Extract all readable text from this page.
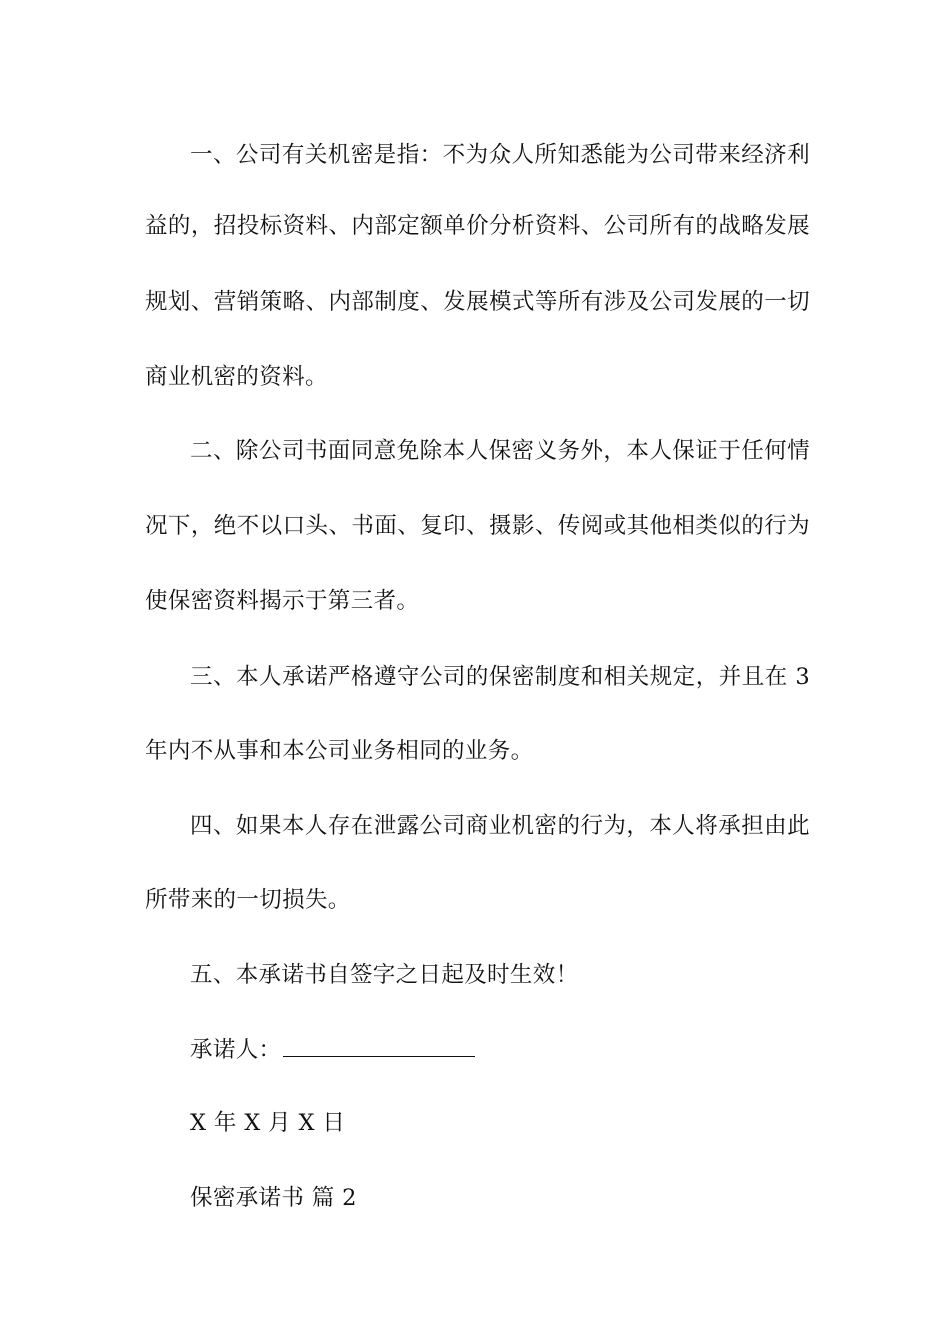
一、公司有关机密是指：不为众人所知悉能为公司带来经济利
益的，招投标资料、内部定额单价分析资料、公司所有的战略发展
规划、营销策略、内部制度、发展模式等所有涉及公司发展的一切
商业机密的资料。
二、除公司书面同意免除本人保密义务外，本人保证于任何情
况下，绝不以口头、书面、复印、摄影、传阅或其他相类似的行为
使保密资料揭示于第三者。
三、本人承诺严格遵守公司的保密制度和相关规定，并且在 3
年内不从事和本公司业务相同的业务。
四、如果本人存在泄露公司商业机密的行为，本人将承担由此
所带来的一切损失。
五、本承诺书自签字之日起及时生效！
承诺人：
X 年 X 月 X 日
保密承诺书 篇 2
